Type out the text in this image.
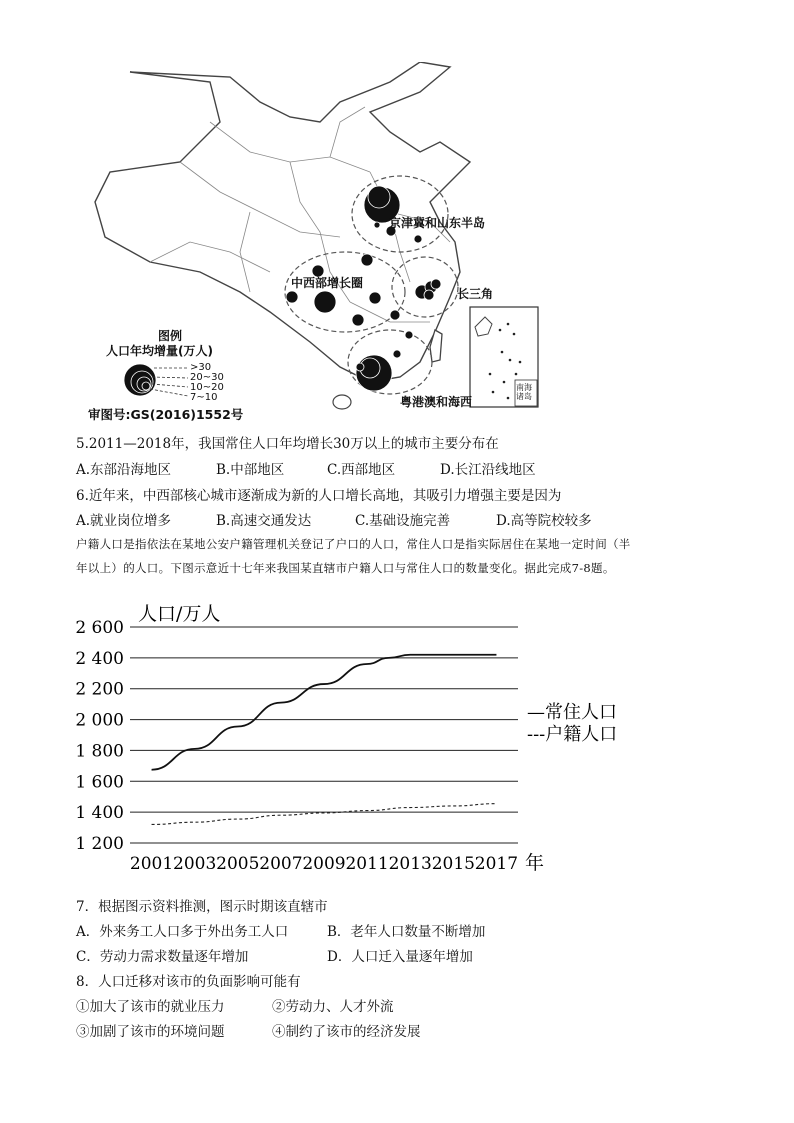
京津冀和山东半岛
中西部增长圈
长三角
粤港澳和海西
图例
人口年均增量(万人)
>30
20~30
10~20
7~10
南海诸岛
审图号:GS(2016)1552号
5.2011—2018年，我国常住人口年均增长30万以上的城市主要分布在
A.东部沿海地区	B.中部地区	C.西部地区	D.长江沿线地区
6.近年来，中西部核心城市逐渐成为新的人口增长高地，其吸引力增强主要是因为
A.就业岗位增多	B.高速交通发达	C.基础设施完善	D.高等院校较多
户籍人口是指依法在某地公安户籍管理机关登记了户口的人口，常住人口是指实际居住在某地一定时间（半
年以上）的人口。下图示意近十七年来我国某直辖市户籍人口与常住人口的数量变化。据此完成7-8题。
人口/万人
1 200
1 400
1 600
1 800
2 000
2 200
2 400
2 600
2001 2003 2005 2007 2009 2011 2013 2015 2017 年
—常住人口
---户籍人口
7．根据图示资料推测，图示时期该直辖市
A．外来务工人口多于外出务工人口	B．老年人口数量不断增加
C．劳动力需求数量逐年增加	D．人口迁入量逐年增加
8．人口迁移对该市的负面影响可能有
①加大了该市的就业压力	②劳动力、人才外流
③加剧了该市的环境问题	④制约了该市的经济发展
